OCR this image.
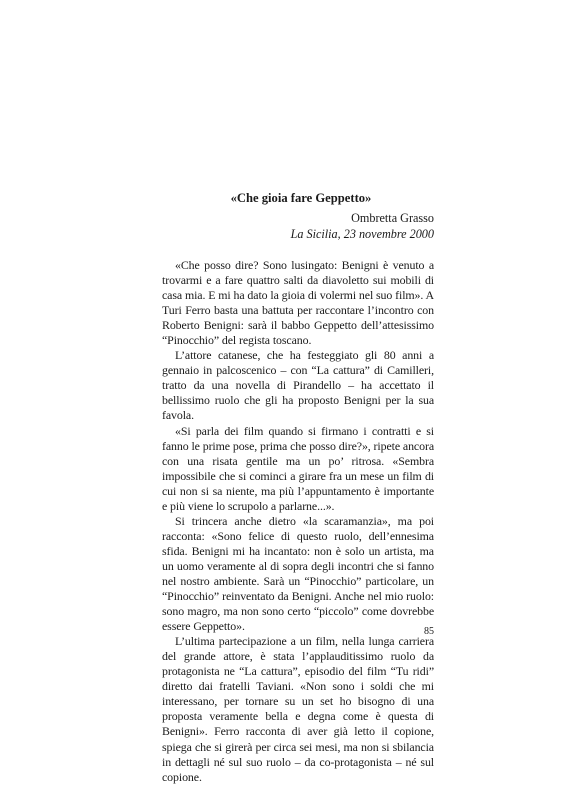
«Che gioia fare Geppetto»
Ombretta Grasso
La Sicilia, 23 novembre 2000

«Che posso dire? Sono lusingato: Benigni è venuto a trovarmi e a fare quattro salti da diavoletto sui mobili di casa mia. E mi ha dato la gioia di volermi nel suo film». A Turi Ferro basta una battuta per raccontare l’incontro con Roberto Benigni: sarà il babbo Geppetto dell’attesissimo “Pinocchio” del regista toscano.

L’attore catanese, che ha festeggiato gli 80 anni a gennaio in palcoscenico – con “La cattura” di Camilleri, tratto da una novella di Pirandello – ha accettato il bellissimo ruolo che gli ha proposto Benigni per la sua favola.

«Si parla dei film quando si firmano i contratti e si fanno le prime pose, prima che posso dire?», ripete ancora con una risata gentile ma un po’ ritrosa. «Sembra impossibile che si cominci a girare fra un mese un film di cui non si sa niente, ma più l’appuntamento è importante e più viene lo scrupolo a parlarne...».

Si trincera anche dietro «la scaramanzia», ma poi racconta: «Sono felice di questo ruolo, dell’ennesima sfida. Benigni mi ha incantato: non è solo un artista, ma un uomo veramente al di sopra degli incontri che si fanno nel nostro ambiente. Sarà un “Pinocchio” particolare, un “Pinocchio” reinventato da Benigni. Anche nel mio ruolo: sono magro, ma non sono certo “piccolo” come dovrebbe essere Geppetto».

L’ultima partecipazione a un film, nella lunga carriera del grande attore, è stata l’applauditissimo ruolo da protagonista ne “La cattura”, episodio del film “Tu ridi” diretto dai fratelli Taviani. «Non sono i soldi che mi interessano, per tornare su un set ho bisogno di una proposta veramente bella e degna come è questa di Benigni». Ferro racconta di aver già letto il copione, spiega che si girerà per circa sei mesi, ma non si sbilancia in dettagli né sul suo ruolo – da co-protagonista – né sul copione.

85
